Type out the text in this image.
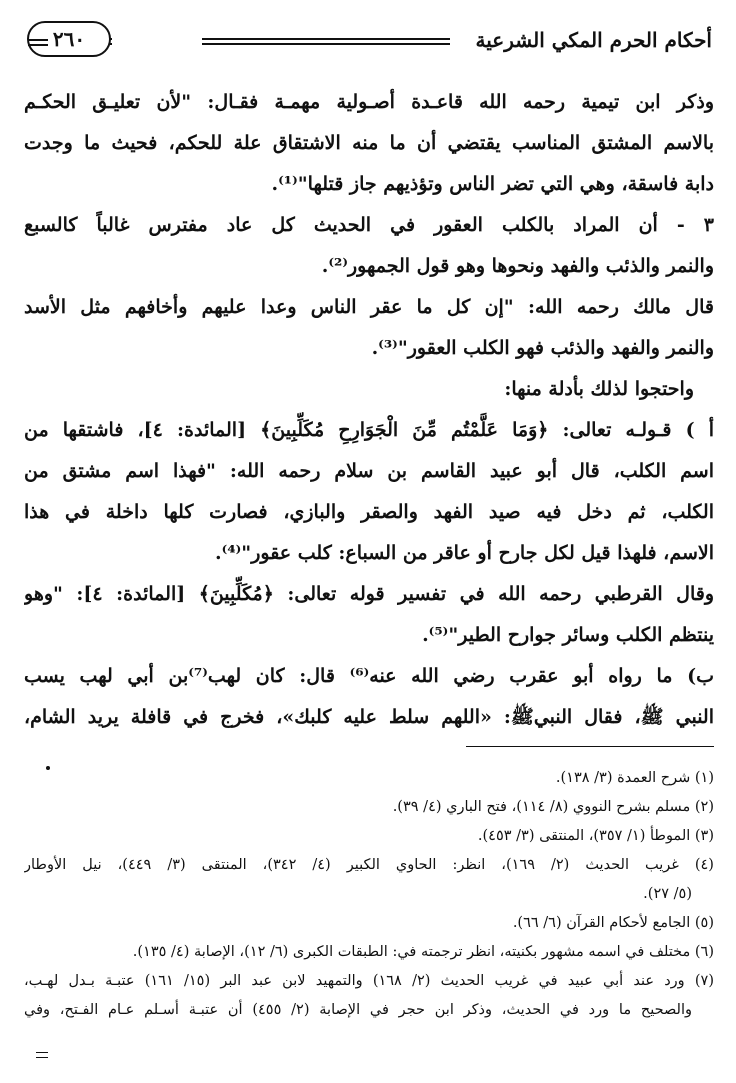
أحكام الحرم المكي الشرعية
٢٦٠
وذكر ابن تيمية رحمه الله قاعـدة أصـولية مهمـة فقـال: "لأن تعليـق الحكـم
بالاسم المشتق المناسب يقتضي أن ما منه الاشتقاق علة للحكم، فحيث ما وجدت
دابة فاسقة، وهي التي تضر الناس وتؤذيهم جاز قتلها"⁽¹⁾.
٣ - أن المراد بالكلب العقور في الحديث كل عاد مفترس غالباً كالسبع
والنمر والذئب والفهد ونحوها وهو قول الجمهور⁽²⁾.
قال مالك رحمه الله: "إن كل ما عقر الناس وعدا عليهم وأخافهم مثل الأسد
والنمر والفهد والذئب فهو الكلب العقور"⁽³⁾.
واحتجوا لذلك بأدلة منها:
أ ) قـولـه تعالى: ﴿وَمَا عَلَّمْتُم مِّنَ الْجَوَارِحِ مُكَلِّبِينَ﴾ [المائدة: ٤]، فاشتقها من
اسم الكلب، قال أبو عبيد القاسم بن سلام رحمه الله: "فهذا اسم مشتق من
الكلب، ثم دخل فيه صيد الفهد والصقر والبازي، فصارت كلها داخلة في هذا
الاسم، فلهذا قيل لكل جارح أو عاقر من السباع: كلب عقور"⁽⁴⁾.
وقال القرطبي رحمه الله في تفسير قوله تعالى: ﴿مُكَلِّبِينَ﴾ [المائدة: ٤]: "وهو
ينتظم الكلب وسائر جوارح الطير"⁽⁵⁾.
ب) ما رواه أبو عقرب رضي الله عنه⁽⁶⁾ قال: كان لهب⁽⁷⁾بن أبي لهب يسب
النبي ﷺ، فقال النبيﷺ: «اللهم سلط عليه كلبك»، فخرج في قافلة يريد الشام،
(١) شرح العمدة (٣/ ١٣٨).
(٢) مسلم بشرح النووي (٨/ ١١٤)، فتح الباري (٤/ ٣٩).
(٣) الموطأ (١/ ٣٥٧)، المنتقى (٣/ ٤٥٣).
(٤) غريب الحديث (٢/ ١٦٩)، انظر: الحاوي الكبير (٤/ ٣٤٢)، المنتقى (٣/ ٤٤٩)، نيل الأوطار
(٥/ ٢٧).
(٥) الجامع لأحكام القرآن (٦/ ٦٦).
(٦) مختلف في اسمه مشهور بكنيته، انظر ترجمته في: الطبقات الكبرى (٦/ ١٢)، الإصابة (٤/ ١٣٥).
(٧) ورد عند أبي عبيد في غريب الحديث (٢/ ١٦٨) والتمهيد لابن عبد البر (١٥/ ١٦١) عتبـة بـدل لهـب،
والصحيح ما ورد في الحديث، وذكر ابن حجر في الإصابة (٢/ ٤٥٥) أن عتبـة أسـلم عـام الفـتح، وفي
